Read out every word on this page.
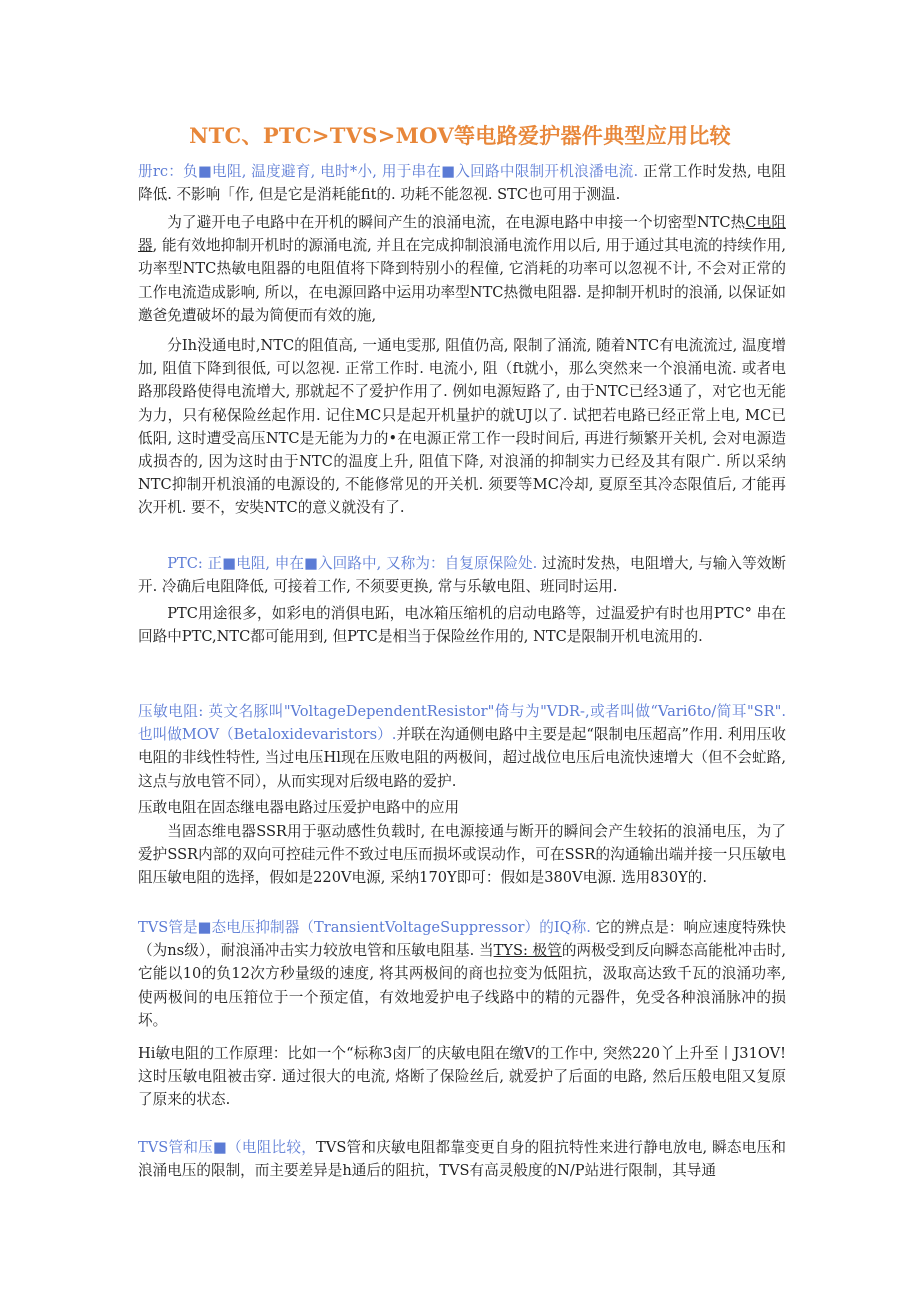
NTC、PTC>TVS>MOV等电路爱护器件典型应用比较

册rc：负■电阻, 温度避育, 电时*小, 用于串在■入回路中限制开机浪潘电流. 正常工作时发热, 电阻降低. 不影响「作, 但是它是消耗能fit的. 功耗不能忽视. STC也可用于测温.

为了避开电子电路中在开机的瞬间产生的浪涌电流，在电源电路中申接一个切密型NTC热C电阻器, 能有效地抑制开机时的源涌电流, 并且在完成抑制浪涌电流作用以后, 用于通过其电流的持续作用, 功率型NTC热敏电阻器的电阻值将下降到特别小的程僮, 它消耗的功率可以忽视不计, 不会对正常的工作电流造成影响, 所以，在电源回路中运用功率型NTC热微电阻器. 是抑制开机时的浪涌, 以保证如邀爸免遭破坏的最为简便而有效的施,

分Ih没通电时,NTC的阻值高, 一通电雯那, 阻值仍高, 限制了涌流, 随着NTC有电流流过, 温度增加, 阻值下降到很低, 可以忽视. 正常工作时. 电流小, 阻（ft就小，那么突然来一个浪涌电流. 或者电路那段路使得电流增大, 那就起不了爱护作用了. 例如电源短路了, 由于NTC已经3通了，对它也无能为力，只有秘保险丝起作用. 记住MC只是起开机量护的就UJ以了. 试把若电路已经正常上电, MC已低阳, 这时遭受高压NTC是无能为力的•在电源正常工作一段时间后, 再进行频繁开关机, 会对电源造成损杏的, 因为这时由于NTC的温度上升, 阻值下降, 对浪涌的抑制实力已经及其有限广. 所以采纳NTC抑制开机浪涌的电源设的, 不能修常见的开关机. 须要等MC冷却, 夏原至其冷态限值后, 才能再次开机. 要不，安奘NTC的意义就没有了.

PTC: 正■电阻, 申在■入回路中, 又称为：自复原保险处. 过流时发热，电阻增大, 与输入等效断开. 冷确后电阻降低, 可接着工作, 不须要更换, 常与乐敏电阻、班同时运用.

PTC用途很多，如彩电的消俱电跖，电冰箱压缩机的启动电路等，过温爱护有时也用PTC° 串在回路中PTC,NTC都可能用到, 但PTC是相当于保险丝作用的, NTC是限制开机电流用的.

压敏电阻: 英文名豚叫"VoltageDependentResistor"倚与为"VDR-,或者叫做“Vari6to/简耳"SR".也叫做MOV（Betaloxidevaristors）.并联在沟通侧电路中主要是起“限制电压超高”作用. 利用压收电阻的非线性特性, 当过电压Hl现在压败电阻的两极间，超过战位电压后电流快速增大（但不会虻路, 这点与放电管不同），从而实现对后级电路的爱护.

压敢电阻在固态继电器电路过压爱护电路中的应用

当固态维电器SSR用于驱动感性负载时, 在电源接通与断开的瞬间会产生较拓的浪涌电压，为了爱护SSR内部的双向可控硅元件不致过电压而损坏或误动作，可在SSR的沟通输出端并接一只压敏电阻压敏电阻的选择，假如是220V电源, 采纳170Y即可：假如是380V电源. 选用830Y的.

TVS管是■态电压抑制器（TransientVoltageSuppressor）的IQ称. 它的辨点是：响应速度特殊快（为ns级），耐浪涌冲击实力较放电管和压敏电阻基. 当TYS: 极管的两极受到反向瞬态高能枇冲击时, 它能以10的负12次方秒量级的速度, 将其两极间的商也拉变为低阻抗，汲取高达致千瓦的浪涌功率, 使两极间的电压箝位于一个预定值，有效地爱护电子线路中的精的元器件，免受各种浪涌脉冲的损坏。

Hi敏电阻的工作原理：比如一个“标称3卤厂的庆敏电阻在缴V的工作中, 突然220丫上升至丨J31OV!这时压敏电阻被击穿. 通过很大的电流, 烙断了保险丝后, 就爱护了后面的电路, 然后压般电阻又复原了原来的状态.

TVS管和压■（电阻比较，TVS管和庆敏电阻都靠变更自身的阻抗特性来进行静电放电, 瞬态电压和浪涌电压的限制，而主要差异是h通后的阻抗，TVS有高灵般度的N/P站进行限制，其导通
